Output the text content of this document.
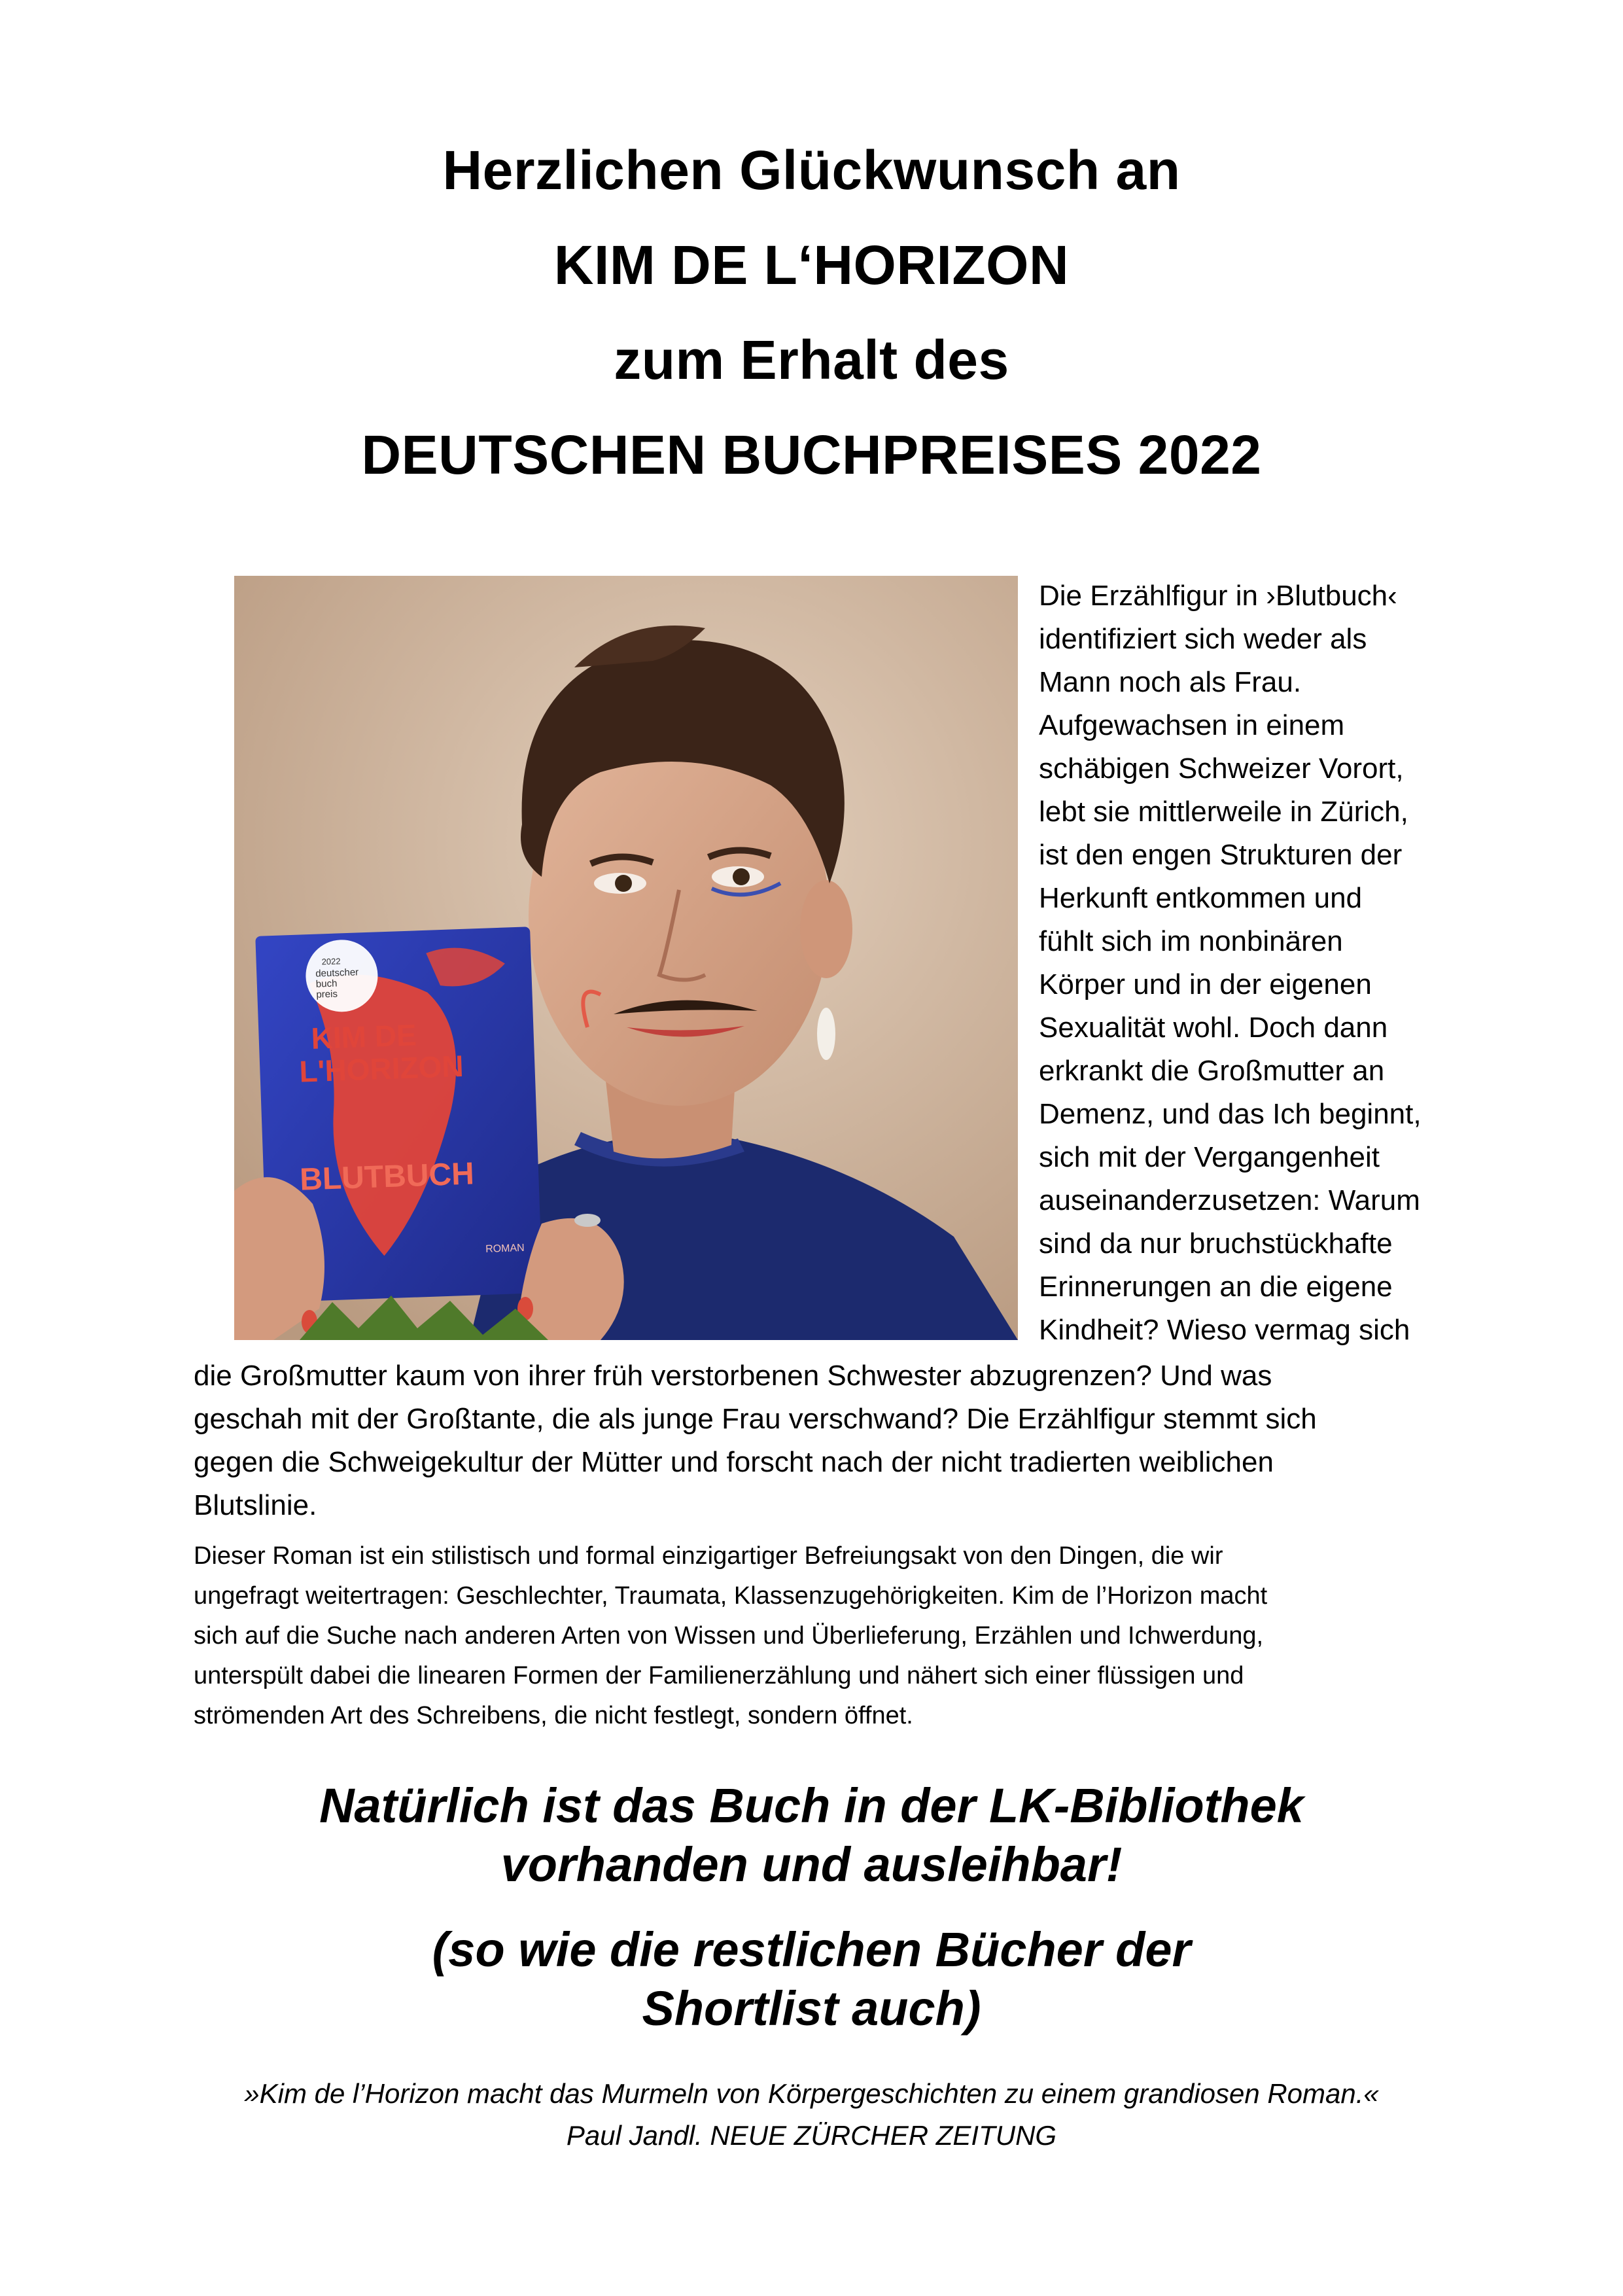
Herzlichen Glückwunsch an
KIM DE L‘HORIZON
zum Erhalt des
DEUTSCHEN BUCHPREISES 2022
2022
deutscher
buch
preis
KIM DE
L'HORIZON
BLUTBUCH
ROMAN

Die Erzählfigur in ›Blutbuch‹
identifiziert sich weder als
Mann noch als Frau.
Aufgewachsen in einem
schäbigen Schweizer Vorort,
lebt sie mittlerweile in Zürich,
ist den engen Strukturen der
Herkunft entkommen und
fühlt sich im nonbinären
Körper und in der eigenen
Sexualität wohl. Doch dann
erkrankt die Großmutter an
Demenz, und das Ich beginnt,
sich mit der Vergangenheit
auseinanderzusetzen: Warum
sind da nur bruchstückhafte
Erinnerungen an die eigene
Kindheit? Wieso vermag sich

die Großmutter kaum von ihrer früh verstorbenen Schwester abzugrenzen? Und was
geschah mit der Großtante, die als junge Frau verschwand? Die Erzählfigur stemmt sich
gegen die Schweigekultur der Mütter und forscht nach der nicht tradierten weiblichen
Blutslinie.

Dieser Roman ist ein stilistisch und formal einzigartiger Befreiungsakt von den Dingen, die wir
ungefragt weitertragen: Geschlechter, Traumata, Klassenzugehörigkeiten. Kim de l’Horizon macht
sich auf die Suche nach anderen Arten von Wissen und Überlieferung, Erzählen und Ichwerdung,
unterspült dabei die linearen Formen der Familienerzählung und nähert sich einer flüssigen und
strömenden Art des Schreibens, die nicht festlegt, sondern öffnet.

Natürlich ist das Buch in der LK-Bibliothek

vorhanden und ausleihbar!

(so wie die restlichen Bücher der

Shortlist auch)

»Kim de l’Horizon macht das Murmeln von Körpergeschichten zu einem grandiosen Roman.«

Paul Jandl. NEUE ZÜRCHER ZEITUNG
